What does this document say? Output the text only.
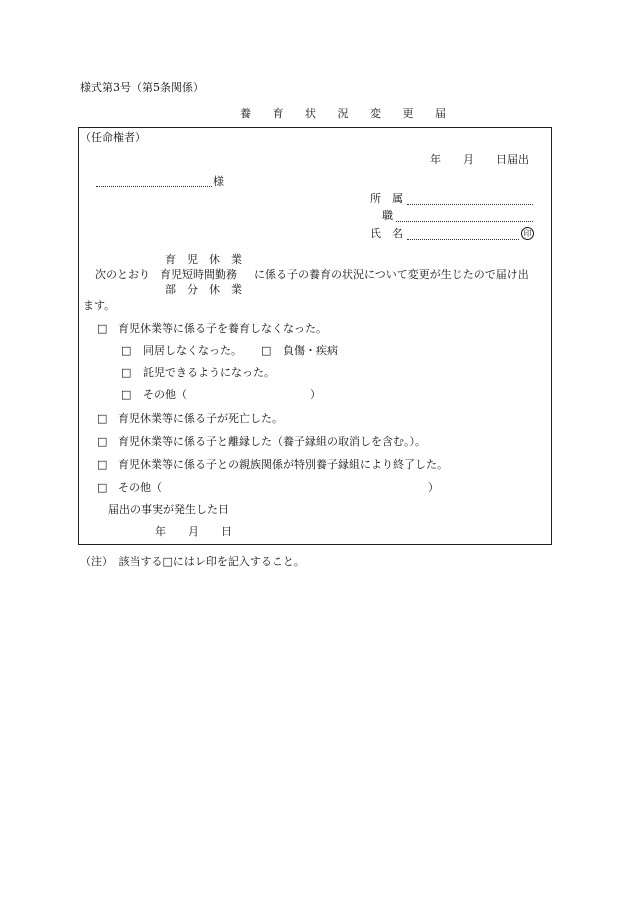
様式第3号（第5条関係）
養 育 状 況 変 更 届
（任命権者）
年　　月　　日届出
様
所　属
職
氏　名	印
育　児　休　業
次のとおり 育児短時間勤務 に係る子の養育の状況について変更が生じたので届け出
部　分　休　業
ます。
□ 育児休業等に係る子を養育しなくなった。
□ 同居しなくなった。 □ 負傷・疾病
□ 託児できるようになった。
□ その他（	）
□ 育児休業等に係る子が死亡した。
□ 育児休業等に係る子と離縁した（養子縁組の取消しを含む。）。
□ 育児休業等に係る子との親族関係が特別養子縁組により終了した。
□ その他（	）
届出の事実が発生した日
年　　月　　日
（注）　該当する□にはレ印を記入すること。
